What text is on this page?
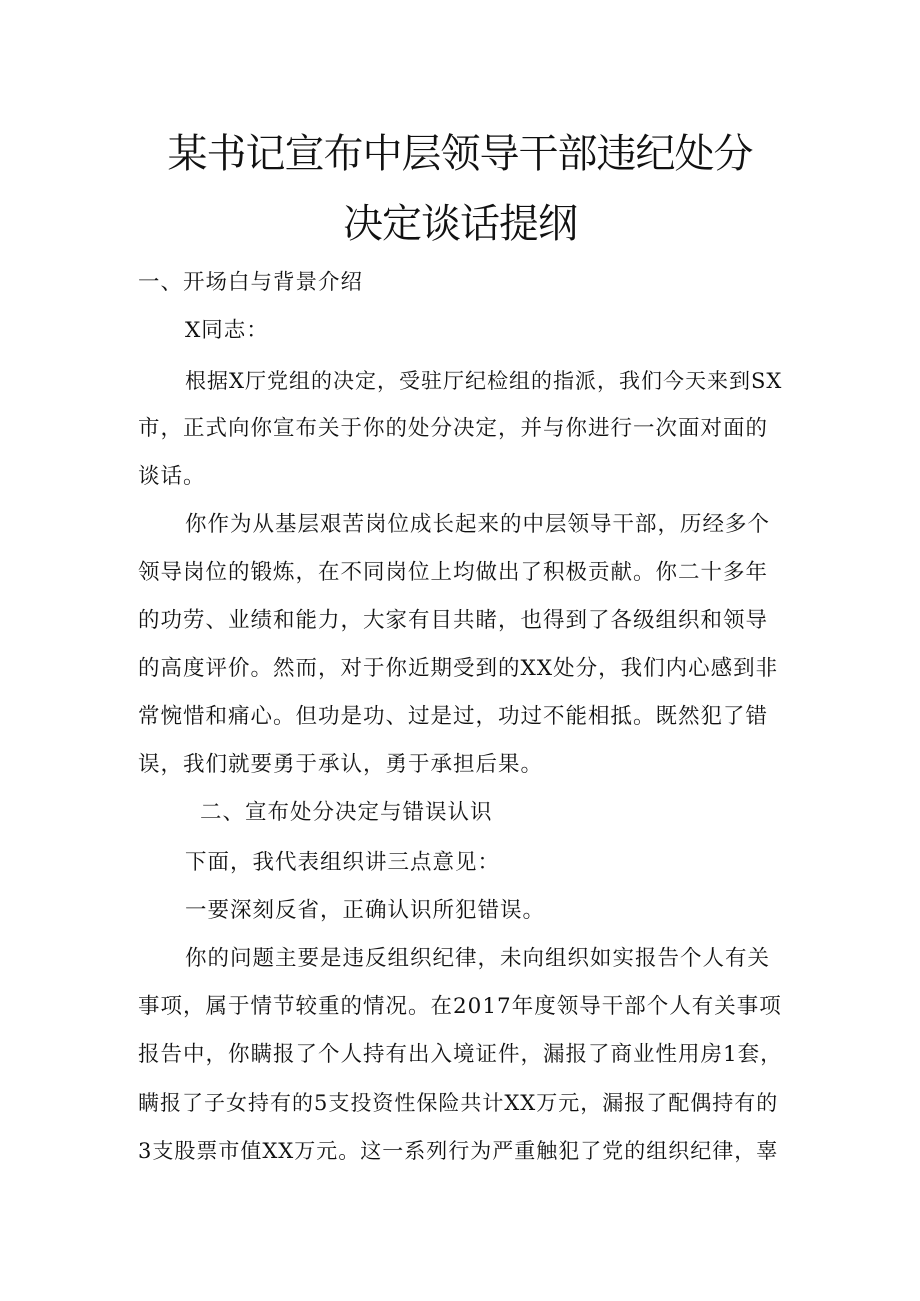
某书记宣布中层领导干部违纪处分
决定谈话提纲
一、开场白与背景介绍
X同志：
根据X厅党组的决定，受驻厅纪检组的指派，我们今天来到SX
市，正式向你宣布关于你的处分决定，并与你进行一次面对面的
谈话。
你作为从基层艰苦岗位成长起来的中层领导干部，历经多个
领导岗位的锻炼，在不同岗位上均做出了积极贡献。你二十多年
的功劳、业绩和能力，大家有目共睹，也得到了各级组织和领导
的高度评价。然而，对于你近期受到的XX处分，我们内心感到非
常惋惜和痛心。但功是功、过是过，功过不能相抵。既然犯了错
误，我们就要勇于承认，勇于承担后果。
二、宣布处分决定与错误认识
下面，我代表组织讲三点意见：
一要深刻反省，正确认识所犯错误。
你的问题主要是违反组织纪律，未向组织如实报告个人有关
事项，属于情节较重的情况。在2017年度领导干部个人有关事项
报告中，你瞒报了个人持有出入境证件，漏报了商业性用房1套，
瞒报了子女持有的5支投资性保险共计XX万元，漏报了配偶持有的
3支股票市值XX万元。这一系列行为严重触犯了党的组织纪律，辜
